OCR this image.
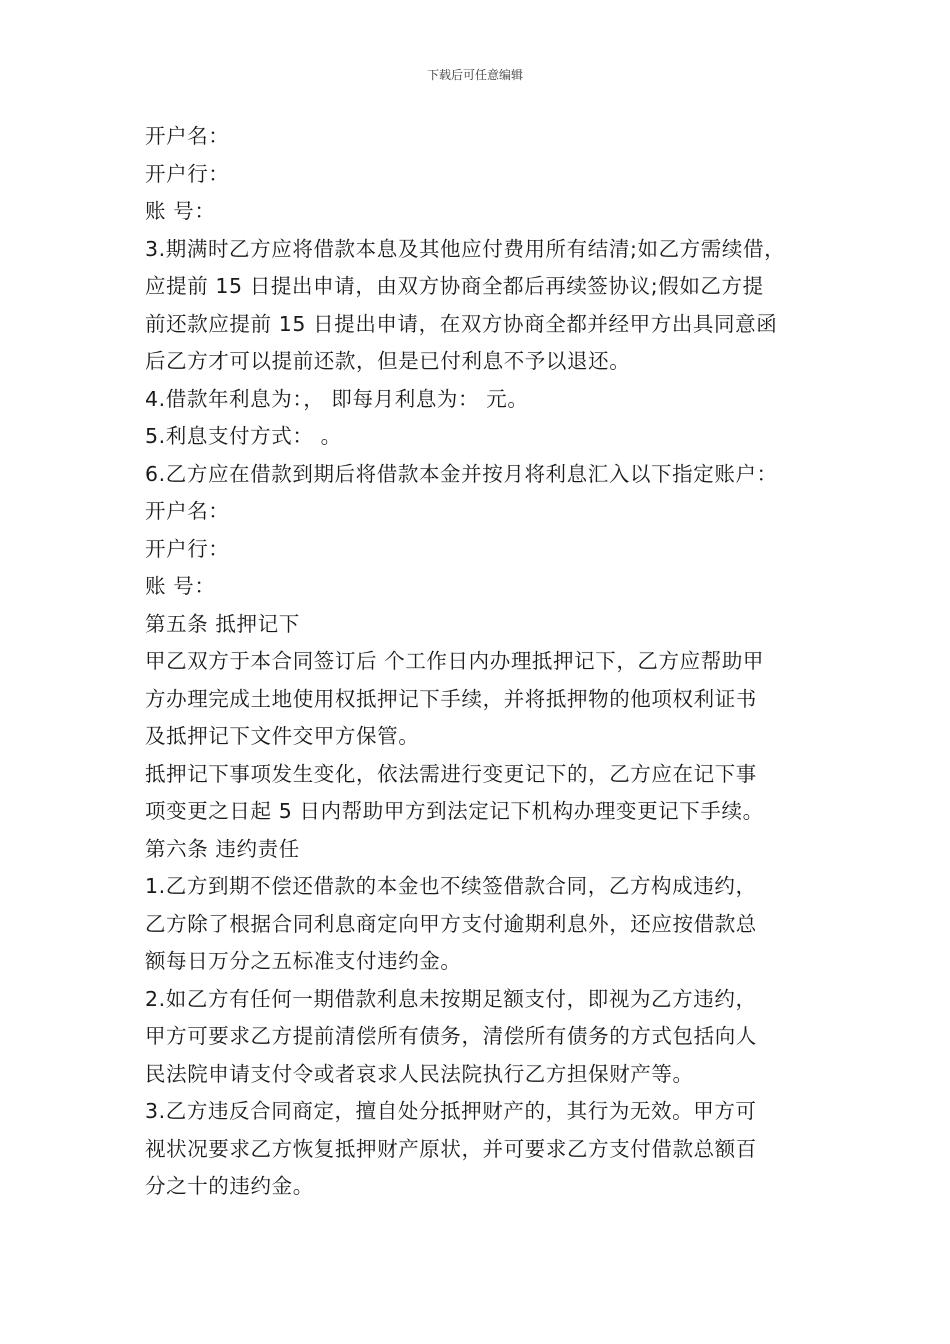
下载后可任意编辑
开户名：
开户行：
账 号：
3.期满时乙方应将借款本息及其他应付费用所有结清;如乙方需续借，
应提前 15 日提出申请，由双方协商全都后再续签协议;假如乙方提
前还款应提前 15 日提出申请，在双方协商全都并经甲方出具同意函
后乙方才可以提前还款，但是已付利息不予以退还。
4.借款年利息为：， 即每月利息为： 元。
5.利息支付方式： 。
6.乙方应在借款到期后将借款本金并按月将利息汇入以下指定账户：
开户名：
开户行：
账 号：
第五条 抵押记下
甲乙双方于本合同签订后 个工作日内办理抵押记下，乙方应帮助甲
方办理完成土地使用权抵押记下手续，并将抵押物的他项权利证书
及抵押记下文件交甲方保管。
抵押记下事项发生变化，依法需进行变更记下的，乙方应在记下事
项变更之日起 5 日内帮助甲方到法定记下机构办理变更记下手续。
第六条 违约责任
1.乙方到期不偿还借款的本金也不续签借款合同，乙方构成违约，
乙方除了根据合同利息商定向甲方支付逾期利息外，还应按借款总
额每日万分之五标准支付违约金。
2.如乙方有任何一期借款利息未按期足额支付，即视为乙方违约，
甲方可要求乙方提前清偿所有债务，清偿所有债务的方式包括向人
民法院申请支付令或者哀求人民法院执行乙方担保财产等。
3.乙方违反合同商定，擅自处分抵押财产的，其行为无效。甲方可
视状况要求乙方恢复抵押财产原状，并可要求乙方支付借款总额百
分之十的违约金。
